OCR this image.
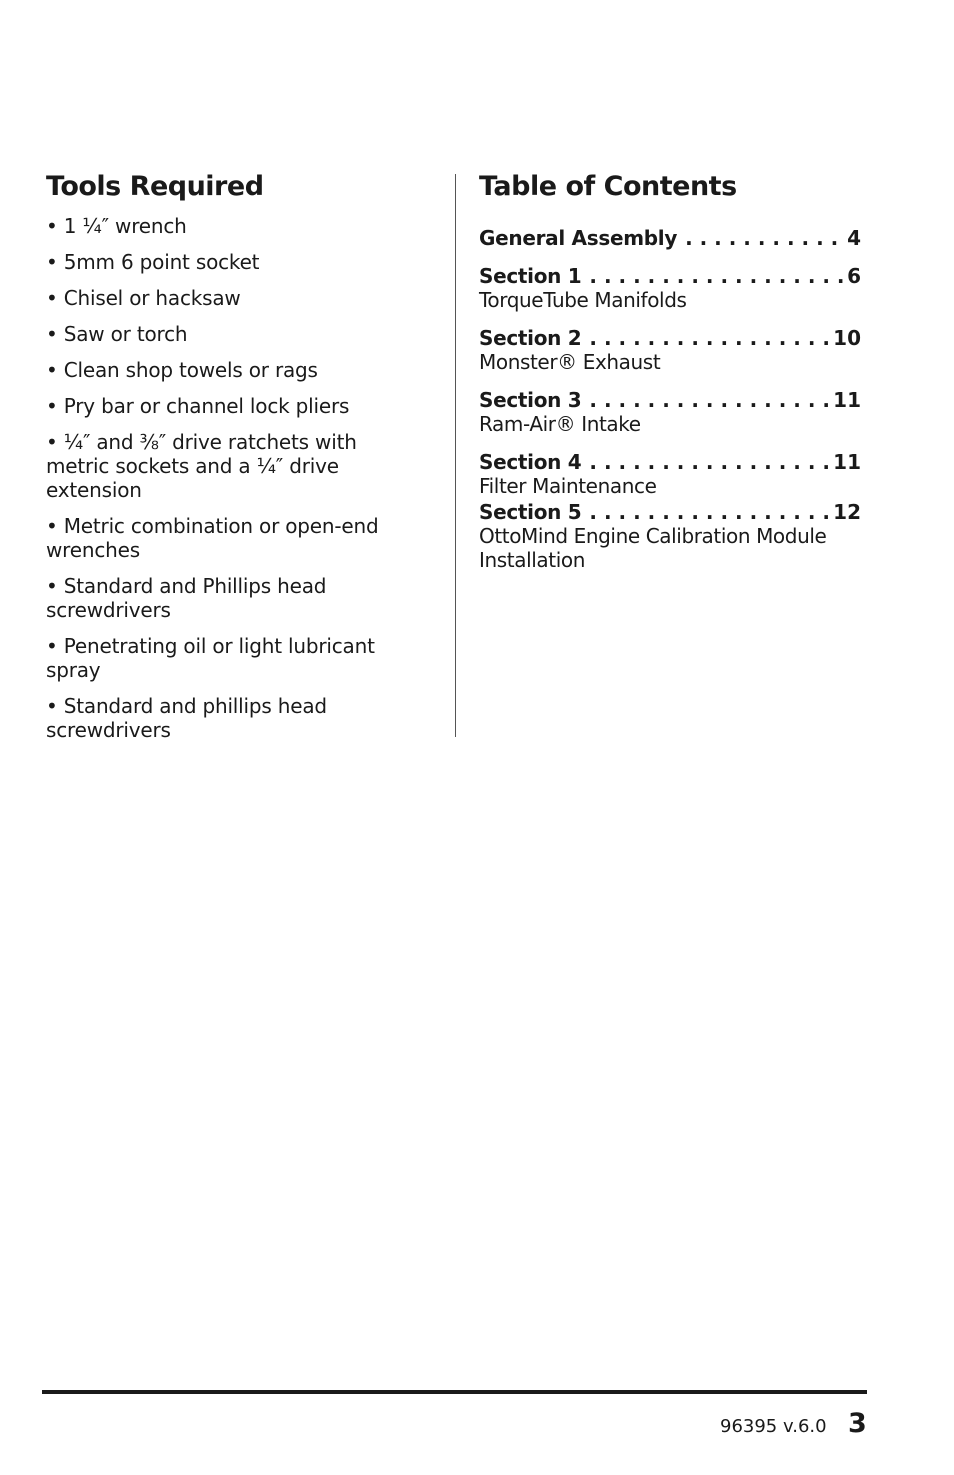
Tools Required
• 1 ¼″ wrench
• 5mm 6 point socket
• Chisel or hacksaw
• Saw or torch
• Clean shop towels or rags
• Pry bar or channel lock pliers
• ¼″ and ⅜″ drive ratchets with metric sockets and a ¼″ drive extension
• Metric combination or open-end wrenches
• Standard and Phillips head screwdrivers
• Penetrating oil or light lubricant spray
• Standard and phillips head screwdrivers
Table of Contents
General Assembly . . .	4
Section 1 . . .	6
TorqueTube Manifolds
Section 2 . . .	10
Monster® Exhaust
Section 3 . . .	11
Ram-Air® Intake
Section 4 . . .	11
Filter Maintenance
Section 5 . . .	12
OttoMind Engine Calibration Module Installation
96395 v.6.0 3
